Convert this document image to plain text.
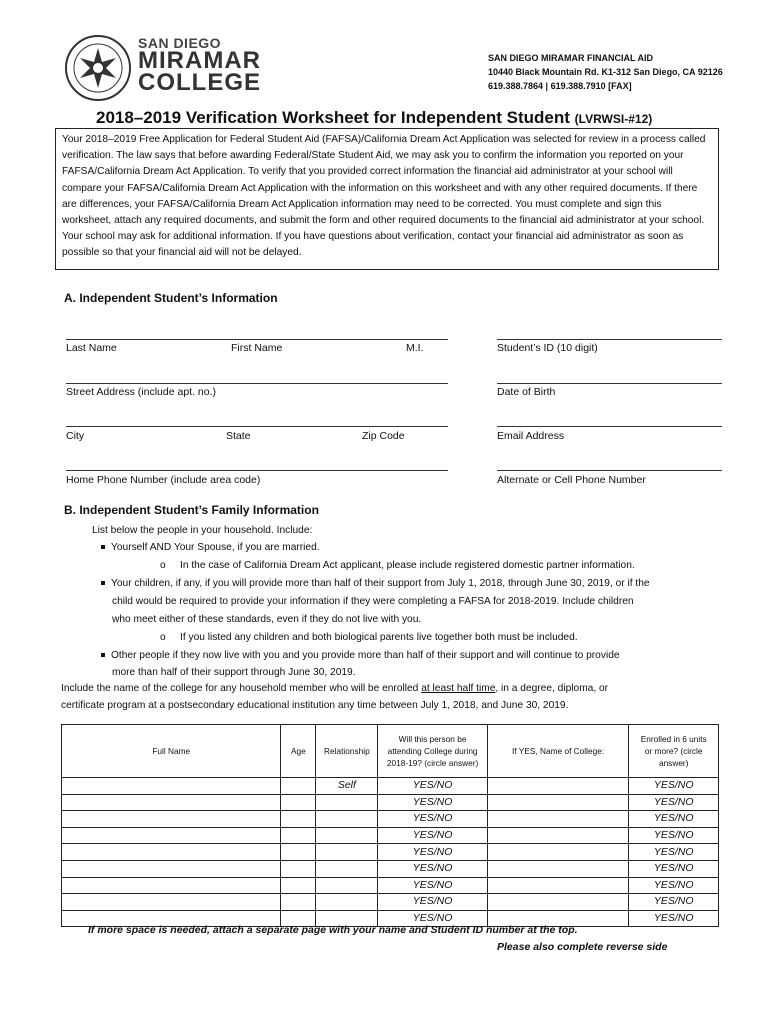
SAN DIEGO
MIRAMAR
COLLEGE
SAN DIEGO MIRAMAR FINANCIAL AID
10440 Black Mountain Rd. K1-312 San Diego, CA 92126
619.388.7864 | 619.388.7910 [FAX]
2018–2019 Verification Worksheet for Independent Student (LVRWSI-#12)
Your 2018–2019 Free Application for Federal Student Aid (FAFSA)/California Dream Act Application was selected for review in a process called verification. The law says that before awarding Federal/State Student Aid, we may ask you to confirm the information you reported on your FAFSA/California Dream Act Application. To verify that you provided correct information the financial aid administrator at your school will compare your FAFSA/California Dream Act Application with the information on this worksheet and with any other required documents. If there are differences, your FAFSA/California Dream Act Application information may need to be corrected. You must complete and sign this worksheet, attach any required documents, and submit the form and other required documents to the financial aid administrator at your school. Your school may ask for additional information. If you have questions about verification, contact your financial aid administrator as soon as possible so that your financial aid will not be delayed.
A. Independent Student’s Information
Last Name	First Name	M.I.	Student’s ID (10 digit)
Street Address (include apt. no.)	Date of Birth
City	State	Zip Code	Email Address
Home Phone Number (include area code)	Alternate or Cell Phone Number
B. Independent Student’s Family Information
List below the people in your household. Include:
Yourself AND Your Spouse, if you are married.
o In the case of California Dream Act applicant, please include registered domestic partner information.
Your children, if any, if you will provide more than half of their support from July 1, 2018, through June 30, 2019, or if the
child would be required to provide your information if they were completing a FAFSA for 2018-2019. Include children
who meet either of these standards, even if they do not live with you.
o If you listed any children and both biological parents live together both must be included.
Other people if they now live with you and you provide more than half of their support and will continue to provide
more than half of their support through June 30, 2019.
Include the name of the college for any household member who will be enrolled at least half time, in a degree, diploma, or
certificate program at a postsecondary educational institution any time between July 1, 2018, and June 30, 2019.
Full Name	Age	Relationship	Will this person be attending College during 2018-19? (circle answer)	If YES, Name of College:	Enrolled in 6 units or more? (circle answer)
		Self	YES/NO		YES/NO
			YES/NO		YES/NO
			YES/NO		YES/NO
			YES/NO		YES/NO
			YES/NO		YES/NO
			YES/NO		YES/NO
			YES/NO		YES/NO
			YES/NO		YES/NO
			YES/NO		YES/NO
If more space is needed, attach a separate page with your name and Student ID number at the top.
Please also complete reverse side
